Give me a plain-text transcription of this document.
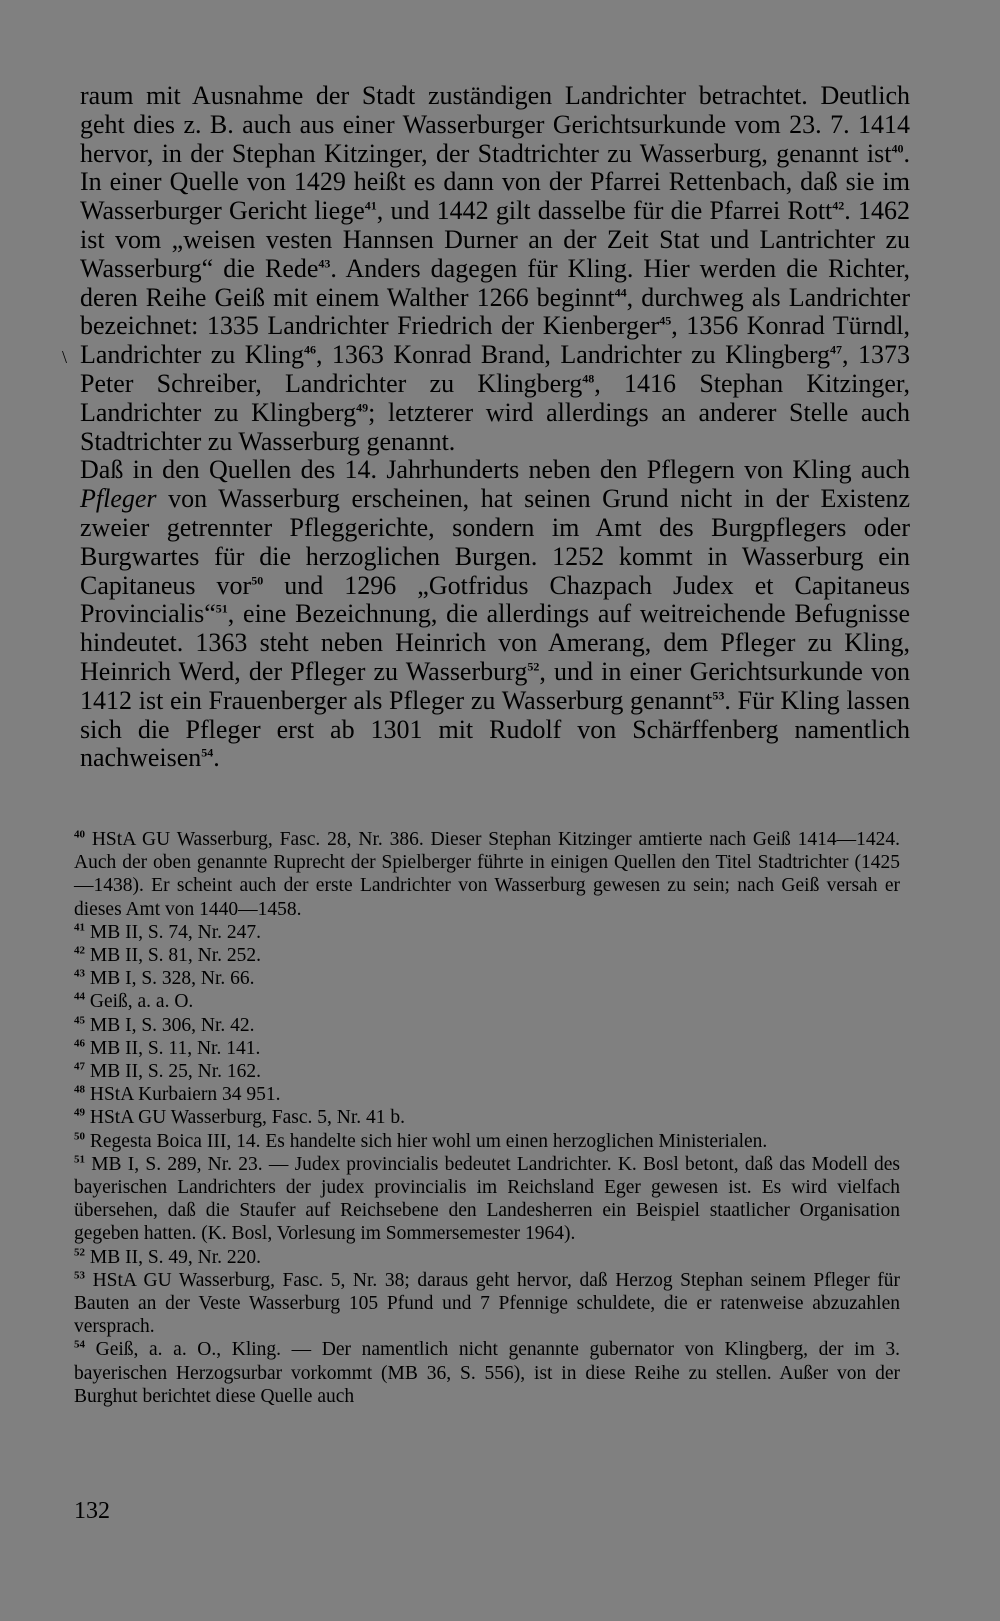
raum mit Ausnahme der Stadt zuständigen Landrichter betrachtet. Deutlich geht dies z. B. auch aus einer Wasserburger Gerichtsurkunde vom 23. 7. 1414 hervor, in der Stephan Kitzinger, der Stadtrichter zu Wasserburg, genannt ist$^{40}$. In einer Quelle von 1429 heißt es dann von der Pfarrei Rettenbach, daß sie im Wasserburger Gericht liege$^{41}$, und 1442 gilt dasselbe für die Pfarrei Rott$^{42}$. 1462 ist vom „weisen vesten Hannsen Durner an der Zeit Stat und Lantrichter zu Wasserburg“ die Rede$^{43}$. Anders dagegen für Kling. Hier werden die Richter, deren Reihe Geiß mit einem Walther 1266 beginnt$^{44}$, durchweg als Landrichter bezeichnet: 1335 Landrichter Friedrich der Kienberger$^{45}$, 1356 Konrad Türndl, Landrichter zu Kling$^{46}$, 1363 Konrad Brand, Landrichter zu Klingberg$^{47}$, 1373 Peter Schreiber, Landrichter zu Klingberg$^{48}$, 1416 Stephan Kitzinger, Landrichter zu Klingberg$^{49}$; letzterer wird allerdings an anderer Stelle auch Stadtrichter zu Wasserburg genannt.

Daß in den Quellen des 14. Jahrhunderts neben den Pflegern von Kling auch Pfleger von Wasserburg erscheinen, hat seinen Grund nicht in der Existenz zweier getrennter Pfleggerichte, sondern im Amt des Burgpflegers oder Burgwartes für die herzoglichen Burgen. 1252 kommt in Wasserburg ein Capitaneus vor$^{50}$ und 1296 „Gotfridus Chazpach Judex et Capitaneus Provincialis“$^{51}$, eine Bezeichnung, die allerdings auf weitreichende Befugnisse hindeutet. 1363 steht neben Heinrich von Amerang, dem Pfleger zu Kling, Heinrich Werd, der Pfleger zu Wasserburg$^{52}$, und in einer Gerichtsurkunde von 1412 ist ein Frauenberger als Pfleger zu Wasserburg genannt$^{53}$. Für Kling lassen sich die Pfleger erst ab 1301 mit Rudolf von Schärffenberg namentlich nachweisen$^{54}$.

\

$^{40}$ HStA GU Wasserburg, Fasc. 28, Nr. 386. Dieser Stephan Kitzinger amtierte nach Geiß 1414—1424. Auch der oben genannte Ruprecht der Spielberger führte in einigen Quellen den Titel Stadtrichter (1425—1438). Er scheint auch der erste Landrichter von Wasserburg gewesen zu sein; nach Geiß versah er dieses Amt von 1440—1458.

$^{41}$ MB II, S. 74, Nr. 247.

$^{42}$ MB II, S. 81, Nr. 252.

$^{43}$ MB I, S. 328, Nr. 66.

$^{44}$ Geiß, a. a. O.

$^{45}$ MB I, S. 306, Nr. 42.

$^{46}$ MB II, S. 11, Nr. 141.

$^{47}$ MB II, S. 25, Nr. 162.

$^{48}$ HStA Kurbaiern 34 951.

$^{49}$ HStA GU Wasserburg, Fasc. 5, Nr. 41 b.

$^{50}$ Regesta Boica III, 14. Es handelte sich hier wohl um einen herzoglichen Ministerialen.

$^{51}$ MB I, S. 289, Nr. 23. — Judex provincialis bedeutet Landrichter. K. Bosl betont, daß das Modell des bayerischen Landrichters der judex provincialis im Reichsland Eger gewesen ist. Es wird vielfach übersehen, daß die Staufer auf Reichsebene den Landesherren ein Beispiel staatlicher Organisation gegeben hatten. (K. Bosl, Vorlesung im Sommersemester 1964).

$^{52}$ MB II, S. 49, Nr. 220.

$^{53}$ HStA GU Wasserburg, Fasc. 5, Nr. 38; daraus geht hervor, daß Herzog Stephan seinem Pfleger für Bauten an der Veste Wasserburg 105 Pfund und 7 Pfennige schuldete, die er ratenweise abzuzahlen versprach.

$^{54}$ Geiß, a. a. O., Kling. — Der namentlich nicht genannte gubernator von Klingberg, der im 3. bayerischen Herzogsurbar vorkommt (MB 36, S. 556), ist in diese Reihe zu stellen. Außer von der Burghut berichtet diese Quelle auch

132
